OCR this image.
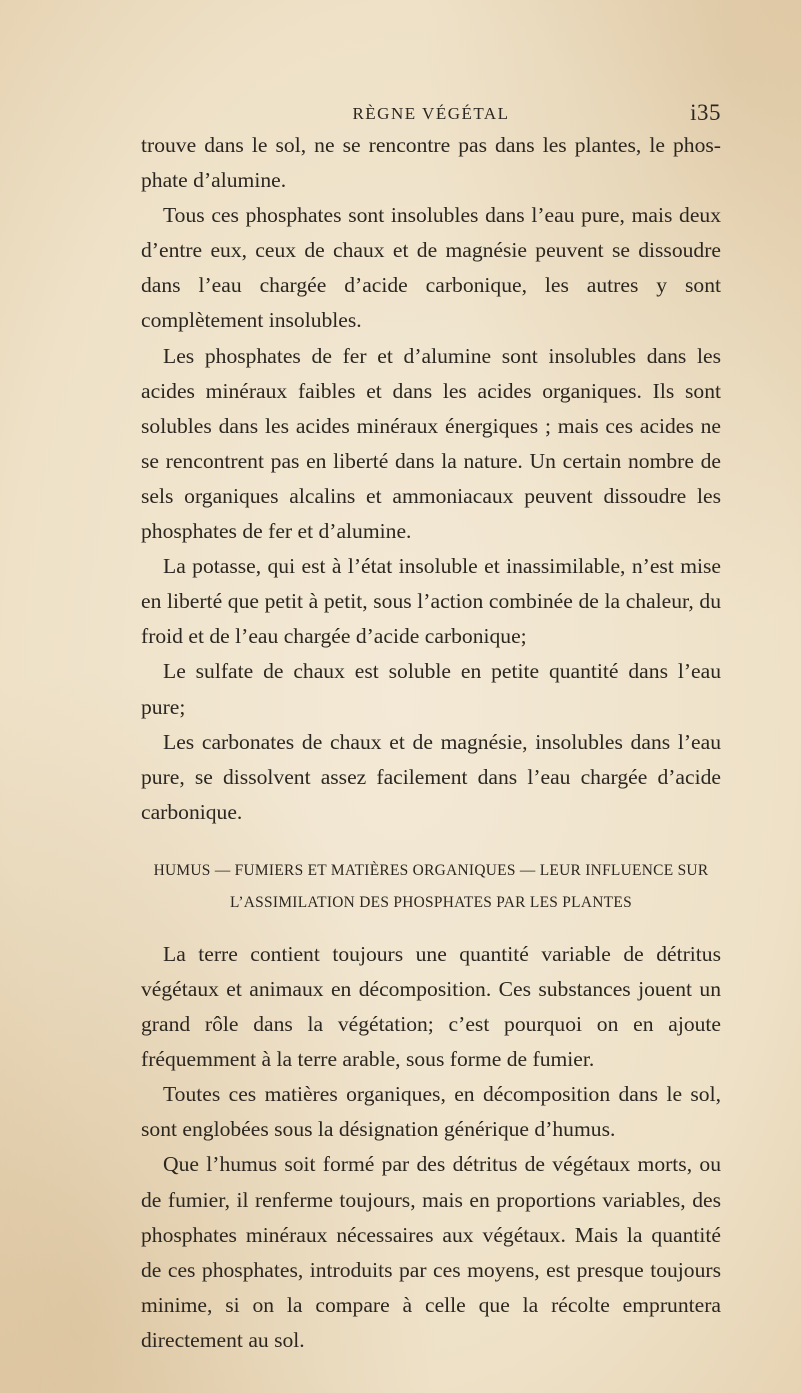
RÈGNE VÉGÉTAL	i35

trouve dans le sol, ne se rencontre pas dans les plantes, le phosphate d’alumine.

Tous ces phosphates sont insolubles dans l’eau pure, mais deux d’entre eux, ceux de chaux et de magnésie peuvent se dissoudre dans l’eau chargée d’acide carbonique, les autres y sont complètement insolubles.

Les phosphates de fer et d’alumine sont insolubles dans les acides minéraux faibles et dans les acides organiques. Ils sont solubles dans les acides minéraux énergiques ; mais ces acides ne se rencontrent pas en liberté dans la nature. Un certain nombre de sels organiques alcalins et ammoniacaux peuvent dissoudre les phosphates de fer et d’alumine.

La potasse, qui est à l’état insoluble et inassimilable, n’est mise en liberté que petit à petit, sous l’action combinée de la chaleur, du froid et de l’eau chargée d’acide carbonique;

Le sulfate de chaux est soluble en petite quantité dans l’eau pure;

Les carbonates de chaux et de magnésie, insolubles dans l’eau pure, se dissolvent assez facilement dans l’eau chargée d’acide carbonique.

HUMUS — FUMIERS ET MATIÈRES ORGANIQUES — LEUR INFLUENCE SUR
L’ASSIMILATION DES PHOSPHATES PAR LES PLANTES

La terre contient toujours une quantité variable de détritus végétaux et animaux en décomposition. Ces substances jouent un grand rôle dans la végétation; c’est pourquoi on en ajoute fréquemment à la terre arable, sous forme de fumier.

Toutes ces matières organiques, en décomposition dans le sol, sont englobées sous la désignation générique d’humus.

Que l’humus soit formé par des détritus de végétaux morts, ou de fumier, il renferme toujours, mais en proportions variables, des phosphates minéraux nécessaires aux végétaux. Mais la quantité de ces phosphates, introduits par ces moyens, est presque toujours minime, si on la compare à celle que la récolte empruntera directement au sol.
